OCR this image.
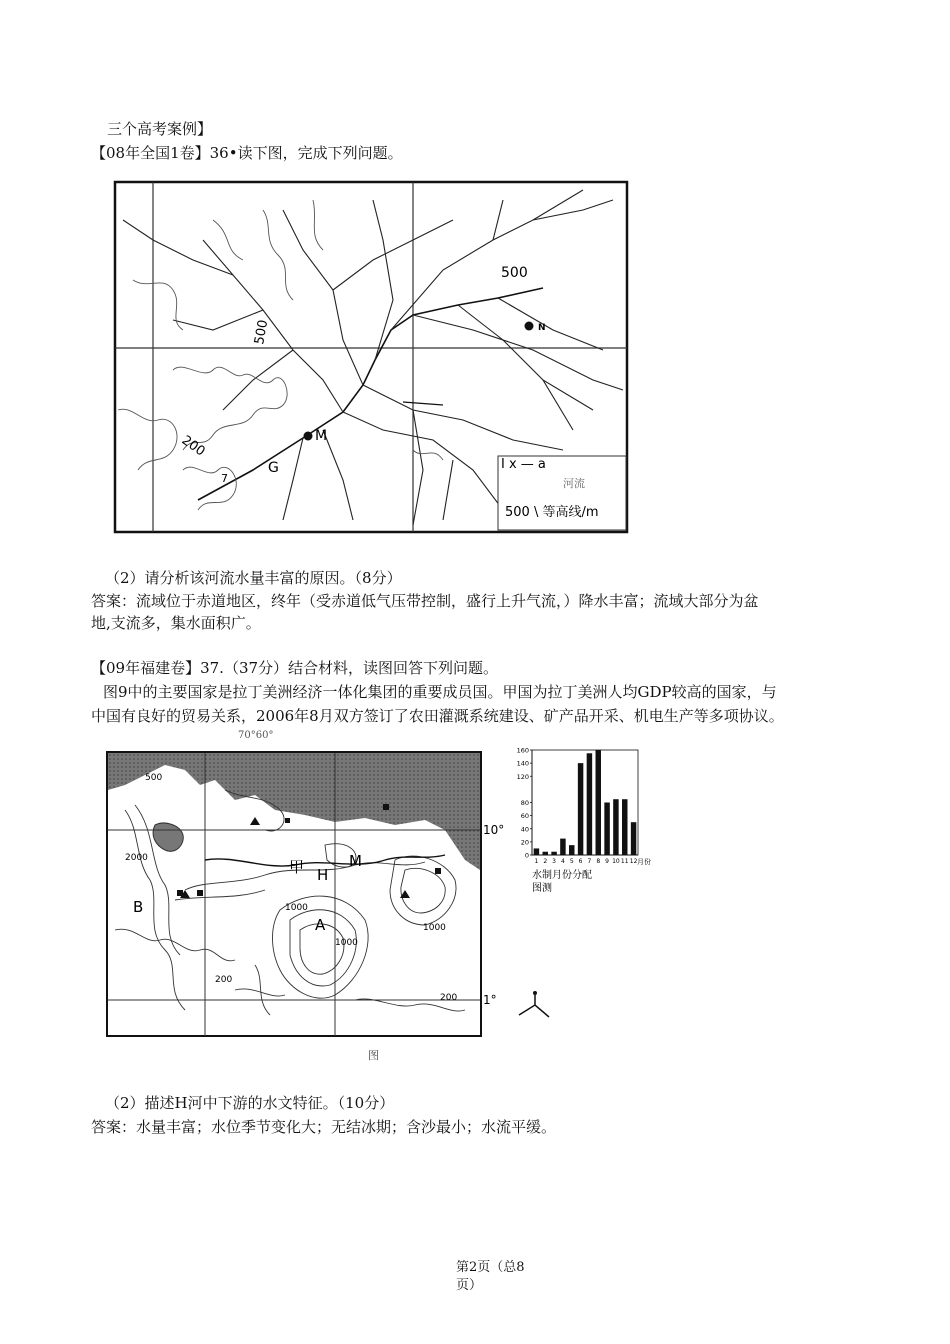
三个高考案例】
【08年全国1卷】36•读下图，完成下列问题。
500
500
200
N
M
G
7
I x — a
河流
500 \ 等高线/m
（2）请分析该河流水量丰富的原因。（8分）
答案：流域位于赤道地区，终年（受赤道低气压带控制，盛行上升气流，）降水丰富；流域大部分为盆
地,支流多，集水面积广。
【09年福建卷】37.（37分）结合材料，读图回答下列问题。
图9中的主要国家是拉丁美洲经济一体化集团的重要成员国。甲国为拉丁美洲人均GDP较高的国家，与
中国有良好的贸易关系，2006年8月双方签订了农田灌溉系统建设、矿产品开采、机电生产等多项协议。
70°60°
10°
1°
甲 H
M
A
B
200
200
1000
1000
1000
500
2000	0
20
40
60
80
120
140
160
1 2 3 4 5 6 7 8 9 10 11 12 月份
水制月份分配
图测
图
（2）描述H河中下游的水文特征。（10分）
答案：水量丰富；水位季节变化大；无结冰期；含沙最小；水流平缓。
第2页（总8
页）
